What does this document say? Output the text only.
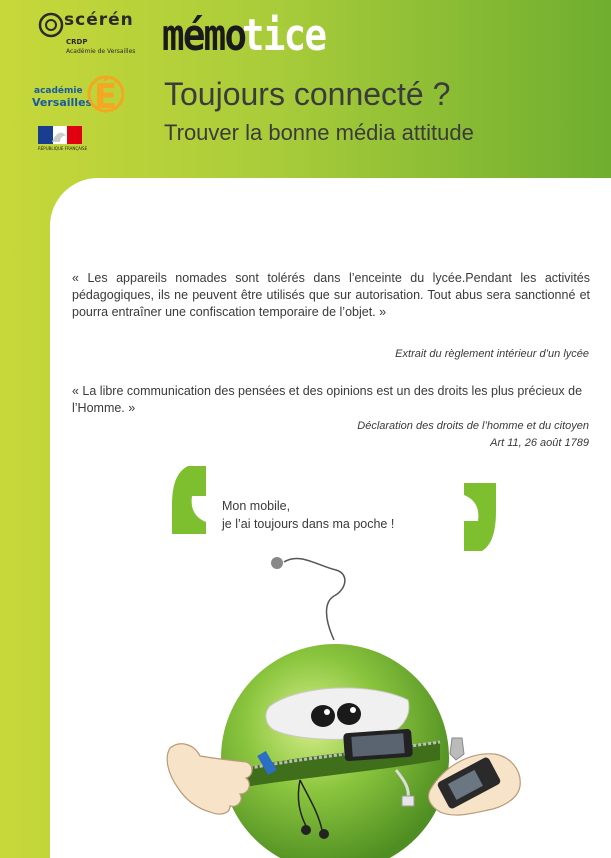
scérén
CRDP
Académie de Versailles
académie
Versailles É
RÉPUBLIQUE FRANÇAISE
mémotice
Toujours connecté ?
Trouver la bonne média attitude
« Les appareils nomades sont tolérés dans l’enceinte du lycée.Pendant les activités pédagogiques, ils ne peuvent être utilisés que sur autorisation. Tout abus sera sanctionné et pourra entraîner une confiscation temporaire de l’objet. »
Extrait du règlement intérieur d’un lycée
« La libre communication des pensées et des opinions est un des droits les plus précieux de l’Homme. »
Déclaration des droits de l’homme et du citoyen
Art 11, 26 août 1789
Mon mobile,
je l’ai toujours dans ma poche !
